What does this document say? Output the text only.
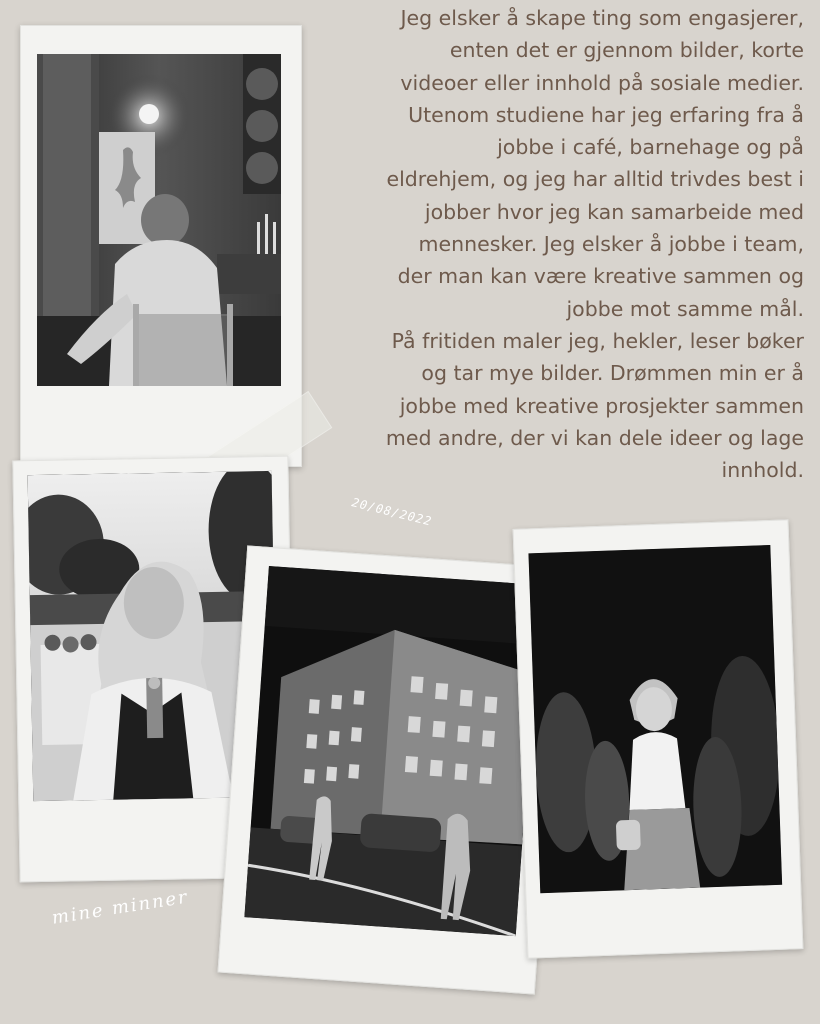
Jeg elsker å skape ting som engasjerer,
enten det er gjennom bilder, korte
videoer eller innhold på sosiale medier.
Utenom studiene har jeg erfaring fra å
jobbe i café, barnehage og på
eldrehjem, og jeg har alltid trivdes best i
jobber hvor jeg kan samarbeide med
mennesker. Jeg elsker å jobbe i team,
der man kan være kreative sammen og
jobbe mot samme mål.
På fritiden maler jeg, hekler, leser bøker
og tar mye bilder. Drømmen min er å
jobbe med kreative prosjekter sammen
med andre, der vi kan dele ideer og lage
innhold.
20/08/2022
mine minner
